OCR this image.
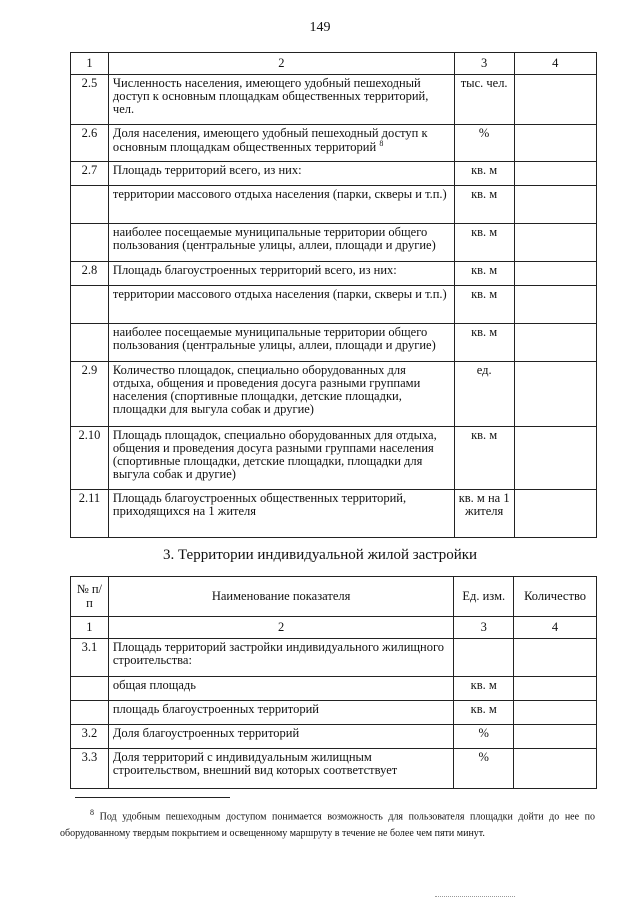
149
1	2	3	4
2.5	Численность населения, имеющего удобный пешеходный доступ к основным площадкам общественных территорий, чел.	тыс. чел.	
2.6	Доля населения, имеющего удобный пешеходный доступ к основным площадкам общественных территорий $^8$	%	
2.7	Площадь территорий всего, из них:	кв. м	
	территории массового отдыха населения (парки, скверы и т.п.)	кв. м	
	наиболее посещаемые муниципальные территории общего пользования (центральные улицы, аллеи, площади и другие)	кв. м	
2.8	Площадь благоустроенных территорий всего, из них:	кв. м	
	территории массового отдыха населения (парки, скверы и т.п.)	кв. м	
	наиболее посещаемые муниципальные территории общего пользования (центральные улицы, аллеи, площади и другие)	кв. м	
2.9	Количество площадок, специально оборудованных для отдыха, общения и проведения досуга разными группами населения (спортивные площадки, детские площадки, площадки для выгула собак и другие)	ед.	
2.10	Площадь площадок, специально оборудованных для отдыха, общения и проведения досуга разными группами населения (спортивные площадки, детские площадки, площадки для выгула собак и другие)	кв. м	
2.11	Площадь благоустроенных общественных территорий, приходящихся на 1 жителя	кв. м на 1 жителя	
3. Территории индивидуальной жилой застройки
№ п/п	Наименование показателя	Ед. изм.	Количество
1	2	3	4
3.1	Площадь территорий застройки индивидуального жилищного строительства:		
	общая площадь	кв. м	
	площадь благоустроенных территорий	кв. м	
3.2	Доля благоустроенных территорий	%	
3.3	Доля территорий с индивидуальным жилищным строительством, внешний вид которых соответствует	%	
$^8$ Под удобным пешеходным доступом понимается возможность для пользователя площадки дойти до нее по оборудованному твердым покрытием и освещенному маршруту в течение не более чем пяти минут.
